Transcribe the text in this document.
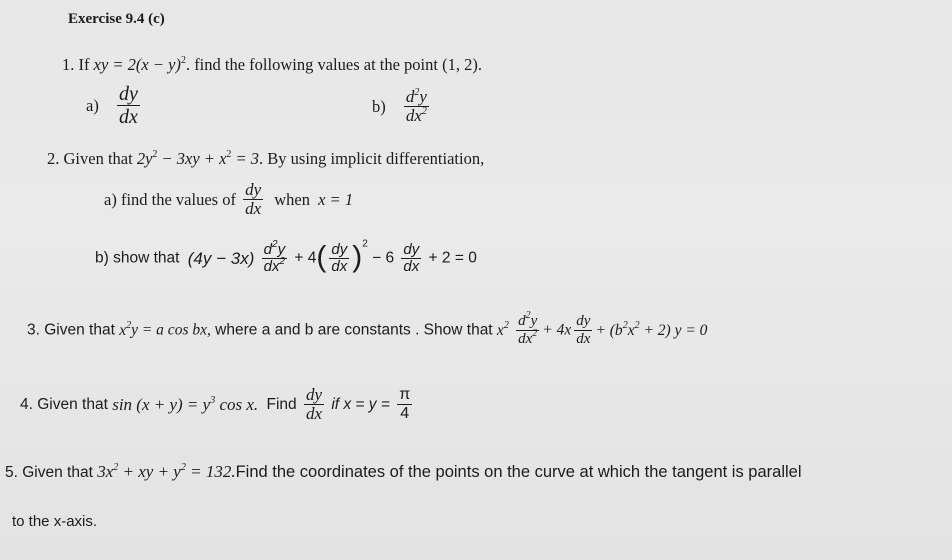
Exercise 9.4 (c)
1. If xy = $2(x - y)^2$. find the following values at the point (1, 2).
$a) \frac{dy}{dx}$	$b) \frac{d^2y}{dx^2}$
2. Given that $2y^2 - 3xy + x^2 = 3$. By using implicit differentiation,
a) find the values of $\frac{dy}{dx}$ when x = 1
b) show that $(4y - 3x) \frac{d^2y}{dx^2} + 4( \frac{dy}{dx} )^2 - 6 \frac{dy}{dx} + 2 = 0$
3. Given that $x^2y = a$ cos bx, where a and b are constants . Show that $x^2 \frac{d^2y}{dx^2} + 4x \frac{dy}{dx} + (b^2x^2 + 2) y = 0$
4. Given that $\sin (x + y) = y^3$ cos x. Find $\frac{dy}{dx}$ if $x = y = \frac{\pi}{4}$
5. Given that $3x^2$ + xy + $y^2$ = 132.Find the coordinates of the points on the curve at which the tangent is parallel
to the x-axis.
